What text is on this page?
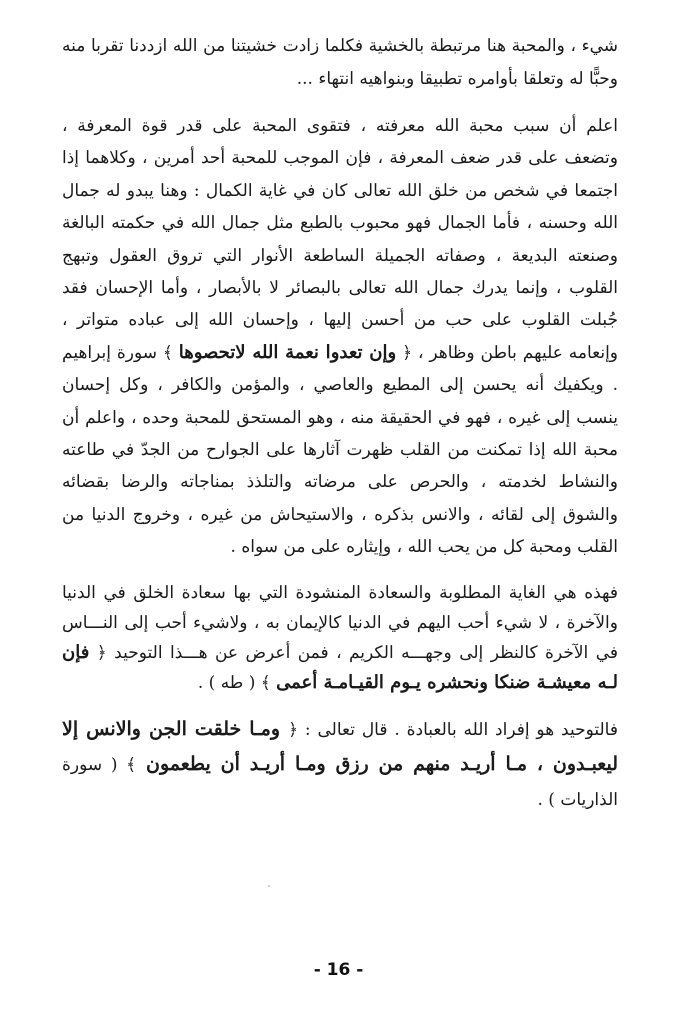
شيء ، والمحبة هنا مرتبطة بالخشية فكلما زادت خشيتنا من الله ازددنا تقربا منه وحبًّا له وتعلقا بأوامره تطبيقا وبنواهيه انتهاء ...

اعلم أن سبب محبة الله معرفته ، فتقوى المحبة على قدر قوة المعرفة ، وتضعف على قدر ضعف المعرفة ، فإن الموجب للمحبة أحد أمرين ، وكلاهما إذا اجتمعا في شخص من خلق الله تعالى كان في غاية الكمال : وهنا يبدو له جمال الله وحسنه ، فأما الجمال فهو محبوب بالطبع مثل جمال الله في حكمته البالغة وصنعته البديعة ، وصفاته الجميلة الساطعة الأنوار التي تروق العقول وتبهج القلوب ، وإنما يدرك جمال الله تعالى بالبصائر لا بالأبصار ، وأما الإحسان فقد جُبلت القلوب على حب من أحسن إليها ، وإحسان الله إلى عباده متواتر ، وإنعامه عليهم باطن وظاهر ، ﴿ وإن تعدوا نعمة الله لاتحصوها ﴾ سورة إبراهيم . ويكفيك أنه يحسن إلى المطيع والعاصي ، والمؤمن والكافر ، وكل إحسان ينسب إلى غيره ، فهو في الحقيقة منه ، وهو المستحق للمحبة وحده ، واعلم أن محبة الله إذا تمكنت من القلب ظهرت آثارها على الجوارح من الجدّ في طاعته والنشاط لخدمته ، والحرص على مرضاته والتلذذ بمناجاته والرضا بقضائه والشوق إلى لقائه ، والانس بذكره ، والاستيحاش من غيره ، وخروج الدنيا من القلب ومحبة كل من يحب الله ، وإيثاره على من سواه .

فهذه هي الغاية المطلوبة والسعادة المنشودة التي بها سعادة الخلق في الدنيا والآخرة ، لا شيء أحب اليهم في الدنيا كالإيمان به ، ولاشيء أحب إلى النـــاس في الآخرة كالنظر إلى وجهـــه الكريم ، فمن أعرض عن هـــذا التوحيد ﴿ فإن لـه معيشـة ضنكا ونحشره يـوم القيـامـة أعمى ﴾ ( طه ) .

فالتوحيد هو إفراد الله بالعبادة . قال تعالى : ﴿ ومـا خلقت الجن والانس إلا ليعبـدون ، مـا أريـد منهم من رزق ومـا أريـد أن يطعمون ﴾ ( سورة الذاريات ) .

- 16 -
